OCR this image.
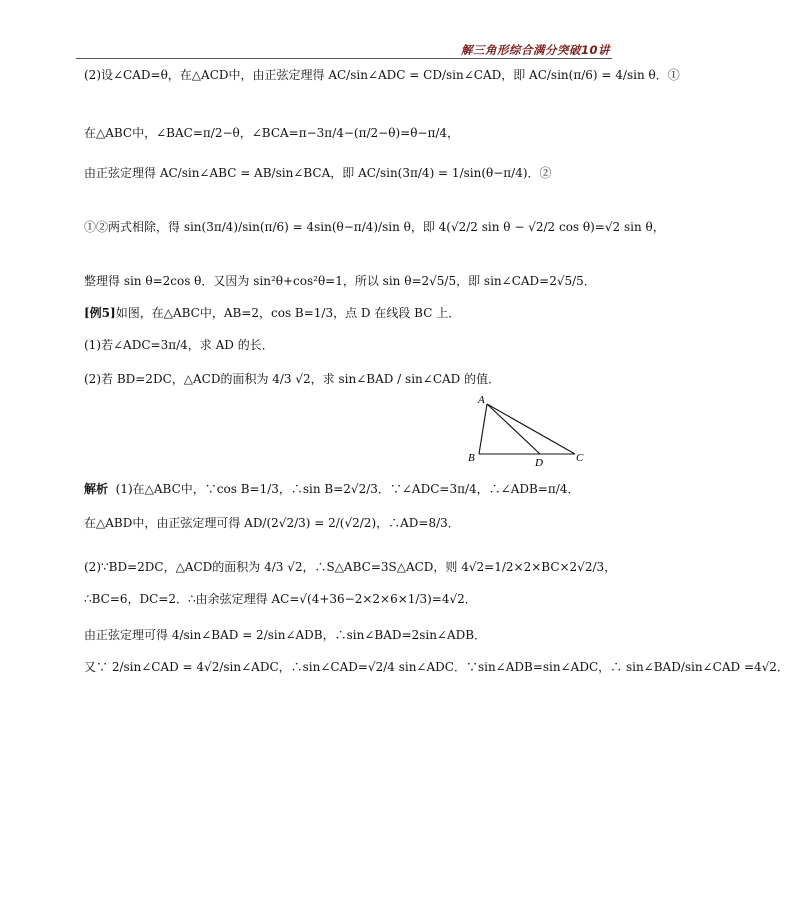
解三角形综合满分突破10讲
(2)设∠CAD=θ，在△ACD中，由正弦定理得 AC/sin∠ADC = CD/sin∠CAD，即 AC/sin(π/6) = 4/sin θ．①
在△ABC中，∠BAC=π/2−θ，∠BCA=π−3π/4−(π/2−θ)=θ−π/4，
由正弦定理得 AC/sin∠ABC = AB/sin∠BCA，即 AC/sin(3π/4) = 1/sin(θ−π/4)．②
①②两式相除，得 sin(3π/4)/sin(π/6) = 4sin(θ−π/4)/sin θ，即 4(√2/2 sin θ − √2/2 cos θ)=√2 sin θ，
整理得 sin θ=2cos θ．又因为 sin²θ+cos²θ=1，所以 sin θ=2√5/5，即 sin∠CAD=2√5/5．
[例5]如图，在△ABC中，AB=2，cos B=1/3，点 D 在线段 BC 上．
(1)若∠ADC=3π/4，求 AD 的长．
(2)若 BD=2DC，△ACD的面积为 4/3 √2，求 sin∠BAD / sin∠CAD 的值．
A
B	D	C
解析 (1)在△ABC中，∵cos B=1/3，∴sin B=2√2/3．∵∠ADC=3π/4，∴∠ADB=π/4．
在△ABD中，由正弦定理可得 AD/(2√2/3) = 2/(√2/2)，∴AD=8/3．
(2)∵BD=2DC，△ACD的面积为 4/3 √2，∴S△ABC=3S△ACD，则 4√2=1/2×2×BC×2√2/3，
∴BC=6，DC=2．∴由余弦定理得 AC=√(4+36−2×2×6×1/3)=4√2．
由正弦定理可得 4/sin∠BAD = 2/sin∠ADB，∴sin∠BAD=2sin∠ADB．
又∵ 2/sin∠CAD = 4√2/sin∠ADC，∴sin∠CAD=√2/4 sin∠ADC．∵sin∠ADB=sin∠ADC，∴ sin∠BAD/sin∠CAD =4√2．
